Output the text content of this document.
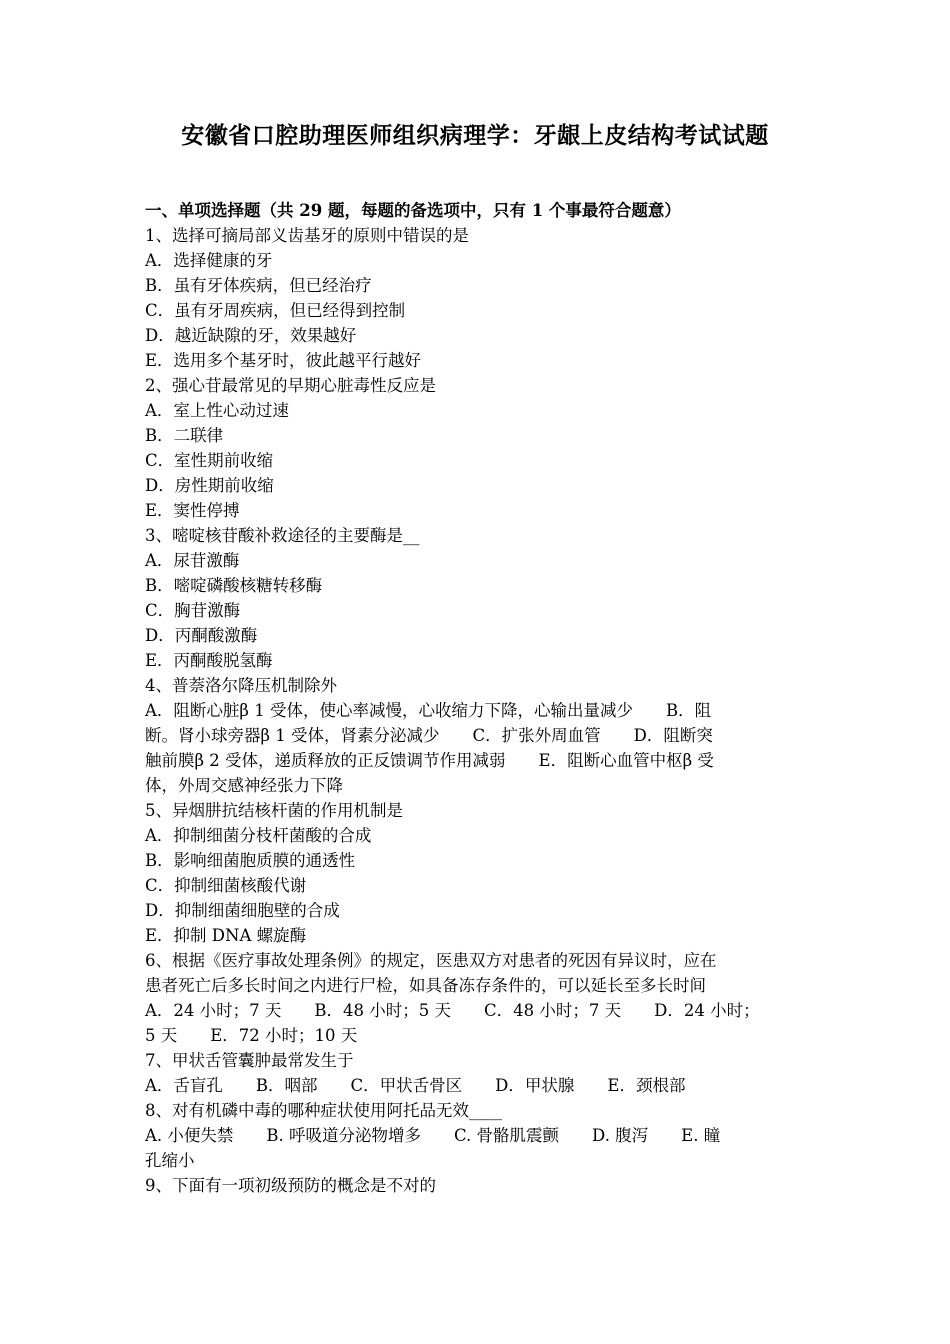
安徽省口腔助理医师组织病理学：牙龈上皮结构考试试题
一、单项选择题（共 29 题，每题的备选项中，只有 1 个事最符合题意）
1、选择可摘局部义齿基牙的原则中错误的是
A．选择健康的牙
B．虽有牙体疾病，但已经治疗
C．虽有牙周疾病，但已经得到控制
D．越近缺隙的牙，效果越好
E．选用多个基牙时，彼此越平行越好
2、强心苷最常见的早期心脏毒性反应是
A．室上性心动过速
B．二联律
C．室性期前收缩
D．房性期前收缩
E．窦性停搏
3、嘧啶核苷酸补救途径的主要酶是__
A．尿苷激酶
B．嘧啶磷酸核糖转移酶
C．胸苷激酶
D．丙酮酸激酶
E．丙酮酸脱氢酶
4、普萘洛尔降压机制除外
A．阻断心脏β 1 受体，使心率减慢，心收缩力下降，心输出量减少　　B．阻
断。肾小球旁器β 1 受体，肾素分泌减少　　C．扩张外周血管　　D．阻断突
触前膜β 2 受体，递质释放的正反馈调节作用减弱　　E．阻断心血管中枢β 受
体，外周交感神经张力下降
5、异烟肼抗结核杆菌的作用机制是
A．抑制细菌分枝杆菌酸的合成
B．影响细菌胞质膜的通透性
C．抑制细菌核酸代谢
D．抑制细菌细胞壁的合成
E．抑制 DNA 螺旋酶
6、根据《医疗事故处理条例》的规定，医患双方对患者的死因有异议时，应在
患者死亡后多长时间之内进行尸检，如具备冻存条件的，可以延长至多长时间
A．24 小时；7 天　　B．48 小时；5 天　　C．48 小时；7 天　　D．24 小时；
5 天　　E．72 小时；10 天
7、甲状舌管囊肿最常发生于
A．舌盲孔　　B．咽部　　C．甲状舌骨区　　D．甲状腺　　E．颈根部
8、对有机磷中毒的哪种症状使用阿托品无效____
A. 小便失禁　　B. 呼吸道分泌物增多　　C. 骨骼肌震颤　　D. 腹泻　　E. 瞳
孔缩小
9、下面有一项初级预防的概念是不对的
